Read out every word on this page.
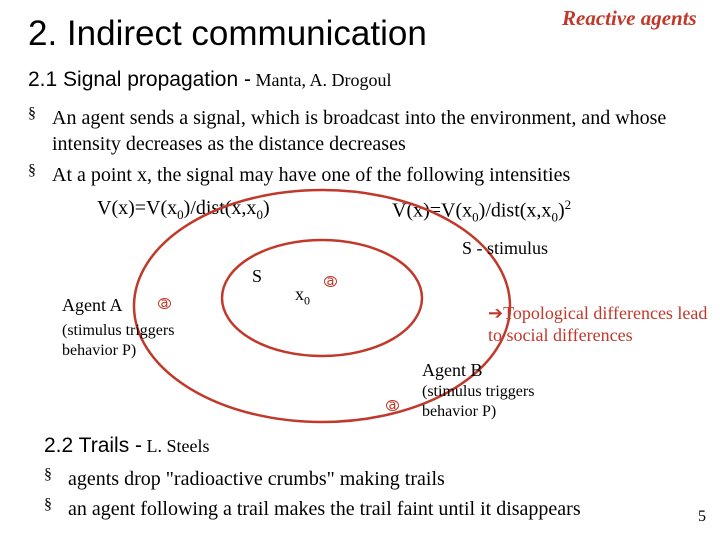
2. Indirect communication	Reactive agents
2.1 Signal propagation - Manta, A. Drogoul
§ An agent sends a signal, which is broadcast into the environment, and whose intensity decreases as the distance decreases
§ At a point x, the signal may have one of the following intensities
$V(x)=V(x_0)/dist(x,x_0)$	$V(x)=V(x_0)/dist(x,x_0)^2$
S - stimulus
S
$x_0$
a
Agent A	a
(stimulus triggers behavior P)
➔Topological differences lead to social differences
Agent B
a
(stimulus triggers behavior P)
2.2 Trails - L. Steels
§ agents drop "radioactive crumbs" making trails
§ an agent following a trail makes the trail faint until it disappears	5
